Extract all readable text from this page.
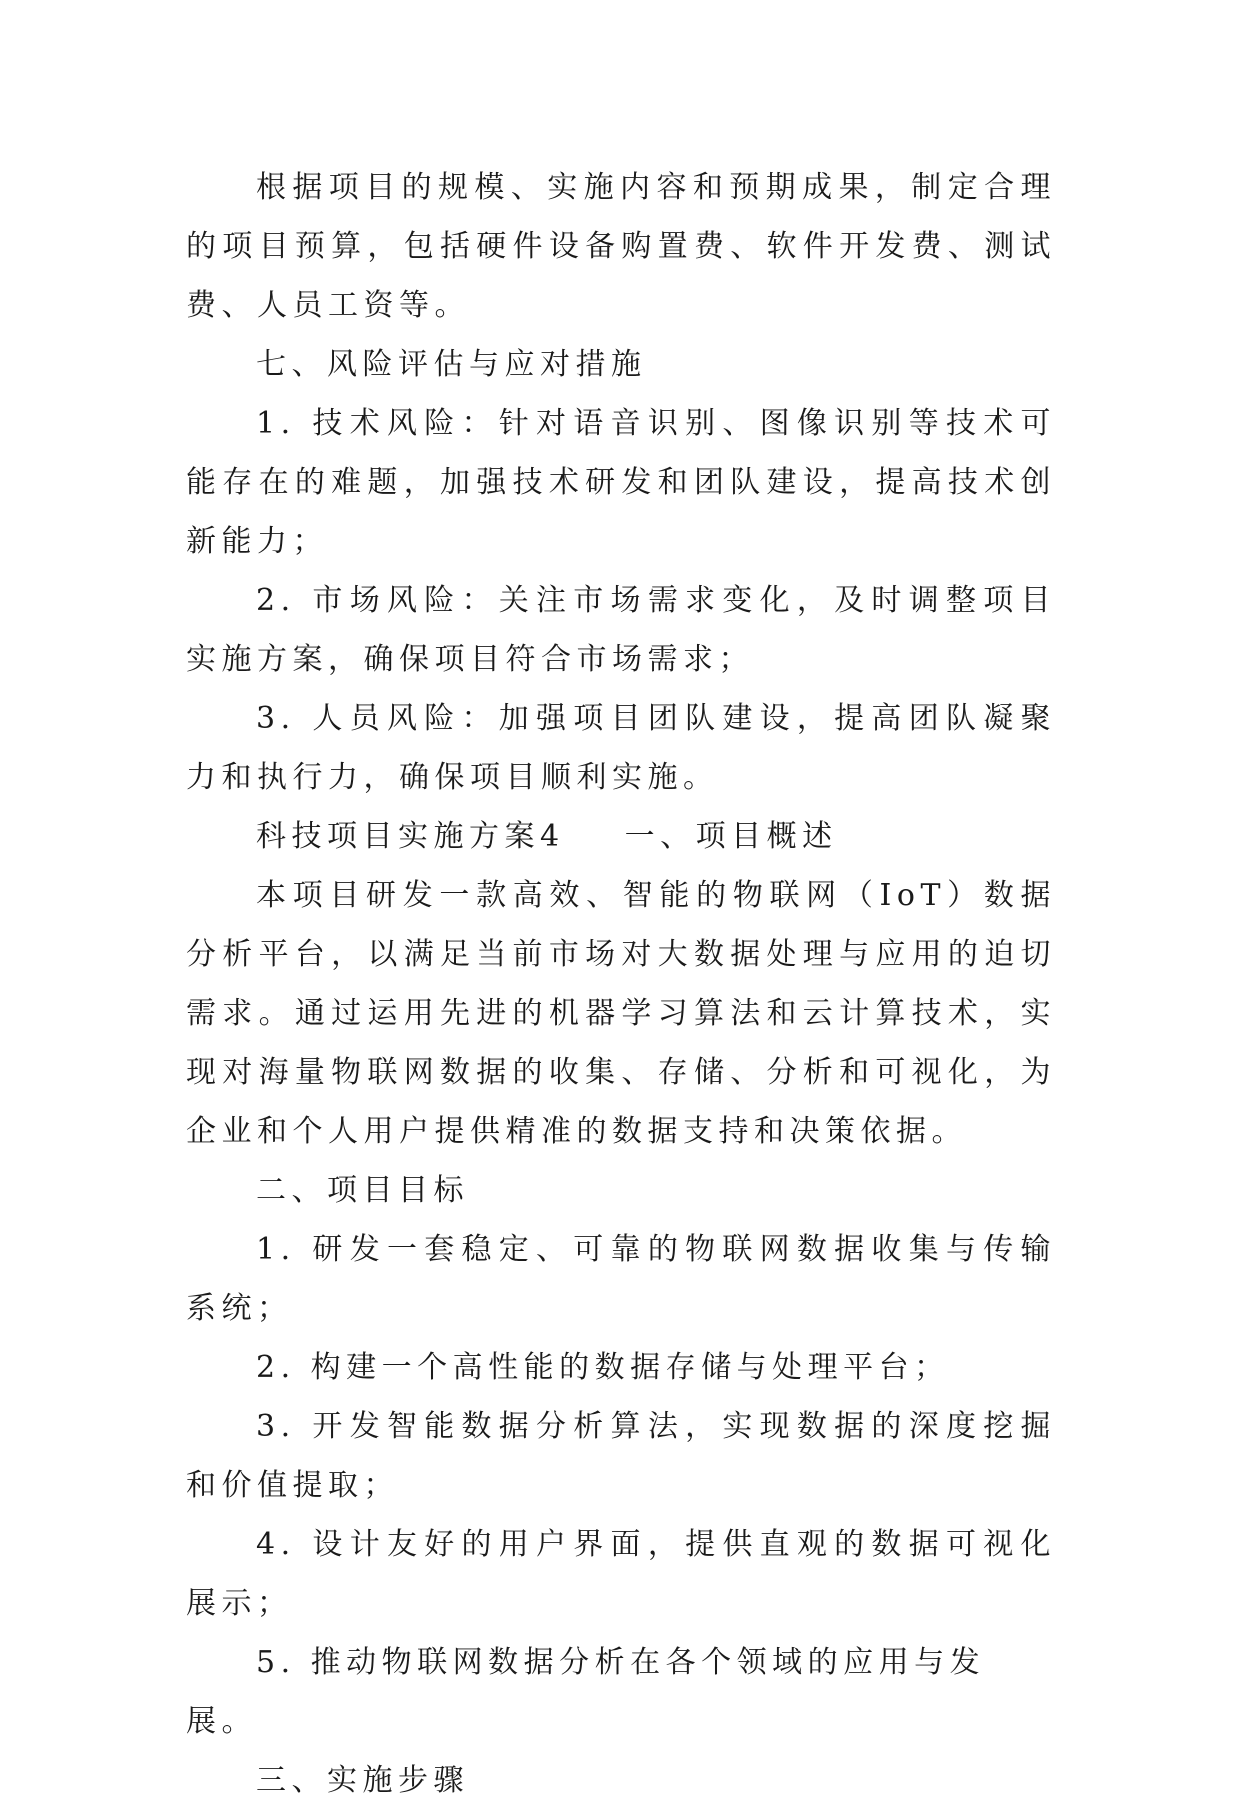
根据项目的规模、实施内容和预期成果，制定合理的项目预算，包括硬件设备购置费、软件开发费、测试费、人员工资等。

七、风险评估与应对措施

1. 技术风险：针对语音识别、图像识别等技术可能存在的难题，加强技术研发和团队建设，提高技术创新能力；

2. 市场风险：关注市场需求变化，及时调整项目实施方案，确保项目符合市场需求；

3. 人员风险：加强项目团队建设，提高团队凝聚力和执行力，确保项目顺利实施。

科技项目实施方案4 一、项目概述

本项目研发一款高效、智能的物联网（IoT）数据分析平台，以满足当前市场对大数据处理与应用的迫切需求。通过运用先进的机器学习算法和云计算技术，实现对海量物联网数据的收集、存储、分析和可视化，为企业和个人用户提供精准的数据支持和决策依据。

二、项目目标

1. 研发一套稳定、可靠的物联网数据收集与传输系统；

2. 构建一个高性能的数据存储与处理平台；

3. 开发智能数据分析算法，实现数据的深度挖掘和价值提取；

4. 设计友好的用户界面，提供直观的数据可视化展示；

5. 推动物联网数据分析在各个领域的应用与发展。

三、实施步骤
